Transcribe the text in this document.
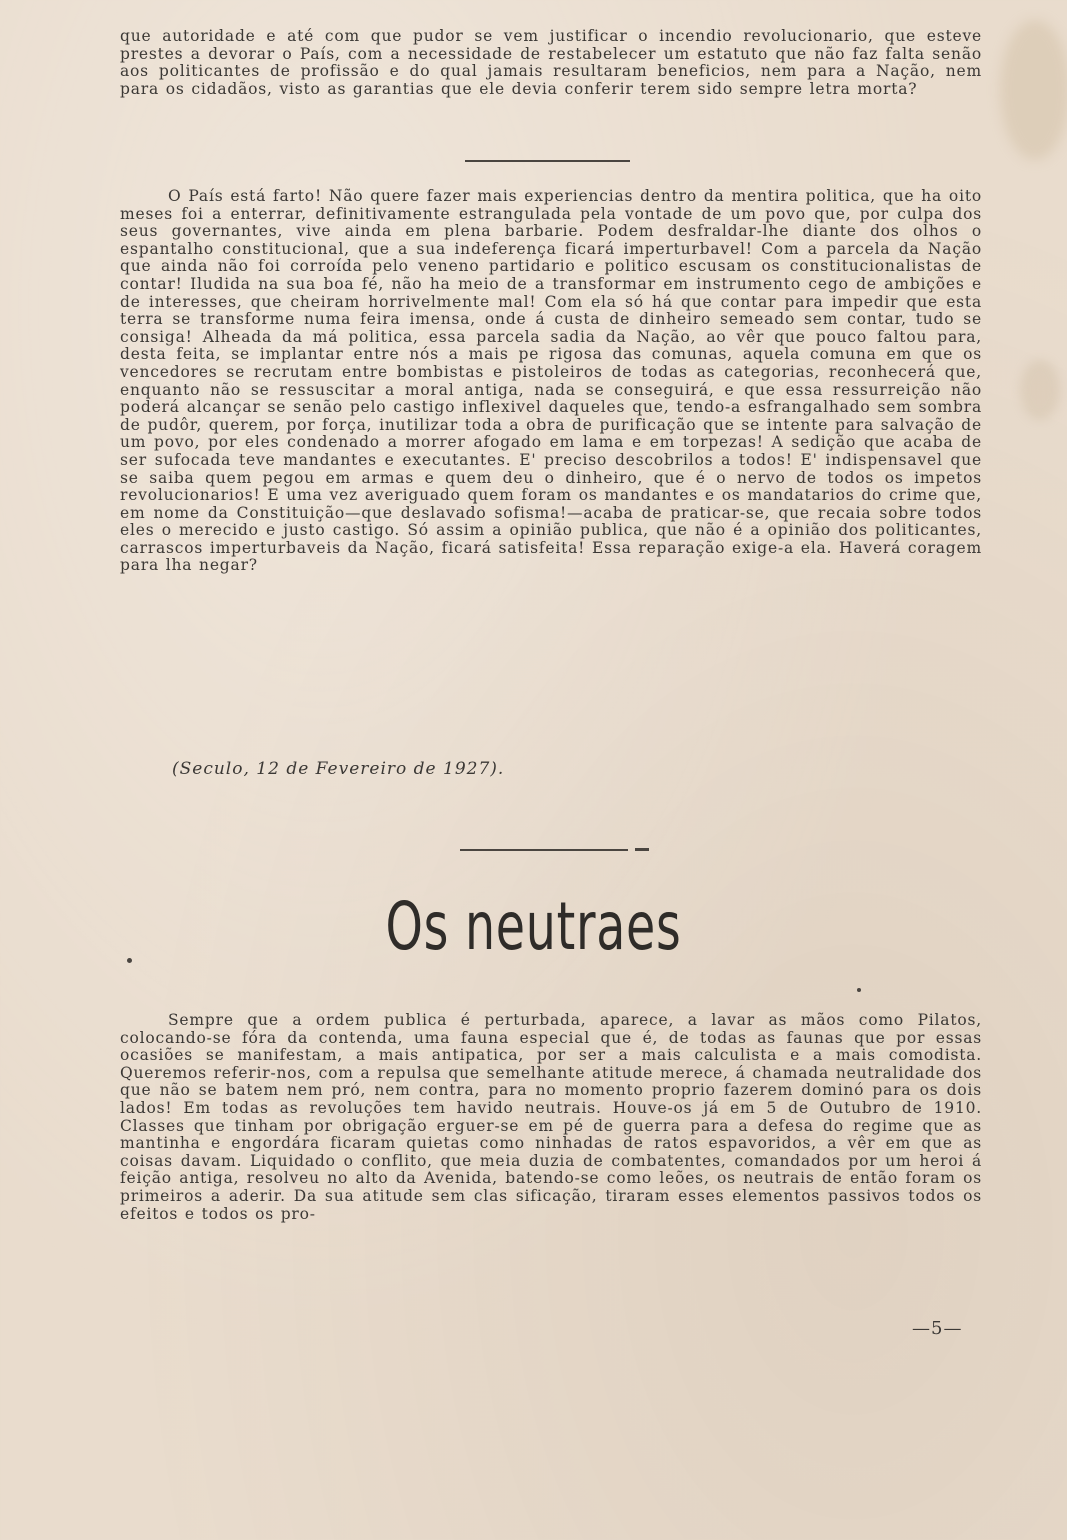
que autoridade e até com que pudor se vem justificar o incendio revolucionario, que esteve prestes a devorar o País, com a necessidade de restabelecer um estatuto que não faz falta senão aos politicantes de profissão e do qual jamais resultaram beneficios, nem para a Nação, nem para os cidadãos, visto as garantias que ele devia conferir terem sido sempre letra morta?

O País está farto! Não quere fazer mais experiencias dentro da mentira politica, que ha oito meses foi a enterrar, definitivamente estrangulada pela vontade de um povo que, por culpa dos seus governantes, vive ainda em plena barbarie. Podem desfraldar-lhe diante dos olhos o espantalho constitucional, que a sua indeferença ficará imperturbavel! Com a parcela da Nação que ainda não foi corroída pelo veneno partidario e politico escusam os constitucionalistas de contar! Iludida na sua boa fé, não ha meio de a transformar em instrumento cego de ambições e de interesses, que cheiram horrivelmente mal! Com ela só há que contar para impedir que esta terra se transforme numa feira imensa, onde á custa de dinheiro semeado sem contar, tudo se consiga! Alheada da má politica, essa parcela sadia da Nação, ao vêr que pouco faltou para, desta feita, se implantar entre nós a mais pe rigosa das comunas, aquela comuna em que os vencedores se recrutam entre bombistas e pistoleiros de todas as categorias, reconhecerá que, enquanto não se ressuscitar a moral antiga, nada se conseguirá, e que essa ressurreição não poderá alcançar se senão pelo castigo inflexivel daqueles que, tendo-a esfrangalhado sem sombra de pudôr, querem, por força, inutilizar toda a obra de purificação que se intente para salvação de um povo, por eles condenado a morrer afogado em lama e em torpezas! A sedição que acaba de ser sufocada teve mandantes e executantes. E' preciso descobrilos a todos! E' indispensavel que se saiba quem pegou em armas e quem deu o dinheiro, que é o nervo de todos os impetos revolucionarios! E uma vez averiguado quem foram os mandantes e os mandatarios do crime que, em nome da Constituição—que deslavado sofisma!—acaba de praticar-se, que recaia sobre todos eles o merecido e justo castigo. Só assim a opinião publica, que não é a opinião dos politicantes, carrascos imperturbaveis da Nação, ficará satisfeita! Essa reparação exige-a ela. Haverá coragem para lha negar?

(Seculo, 12 de Fevereiro de 1927).
Os neutraes

Sempre que a ordem publica é perturbada, aparece, a lavar as mãos como Pilatos, colocando-se fóra da contenda, uma fauna especial que é, de todas as faunas que por essas ocasiões se manifestam, a mais antipatica, por ser a mais calculista e a mais comodista. Queremos referir-nos, com a repulsa que semelhante atitude merece, á chamada neutralidade dos que não se batem nem pró, nem contra, para no momento proprio fazerem dominó para os dois lados! Em todas as revoluções tem havido neutrais. Houve-os já em 5 de Outubro de 1910. Classes que tinham por obrigação erguer-se em pé de guerra para a defesa do regime que as mantinha e engordára ficaram quietas como ninhadas de ratos espavoridos, a vêr em que as coisas davam. Liquidado o conflito, que meia duzia de combatentes, comandados por um heroi á feição antiga, resolveu no alto da Avenida, batendo-se como leões, os neutrais de então foram os primeiros a aderir. Da sua atitude sem clas sificação, tiraram esses elementos passivos todos os efeitos e todos os pro-

—5—
